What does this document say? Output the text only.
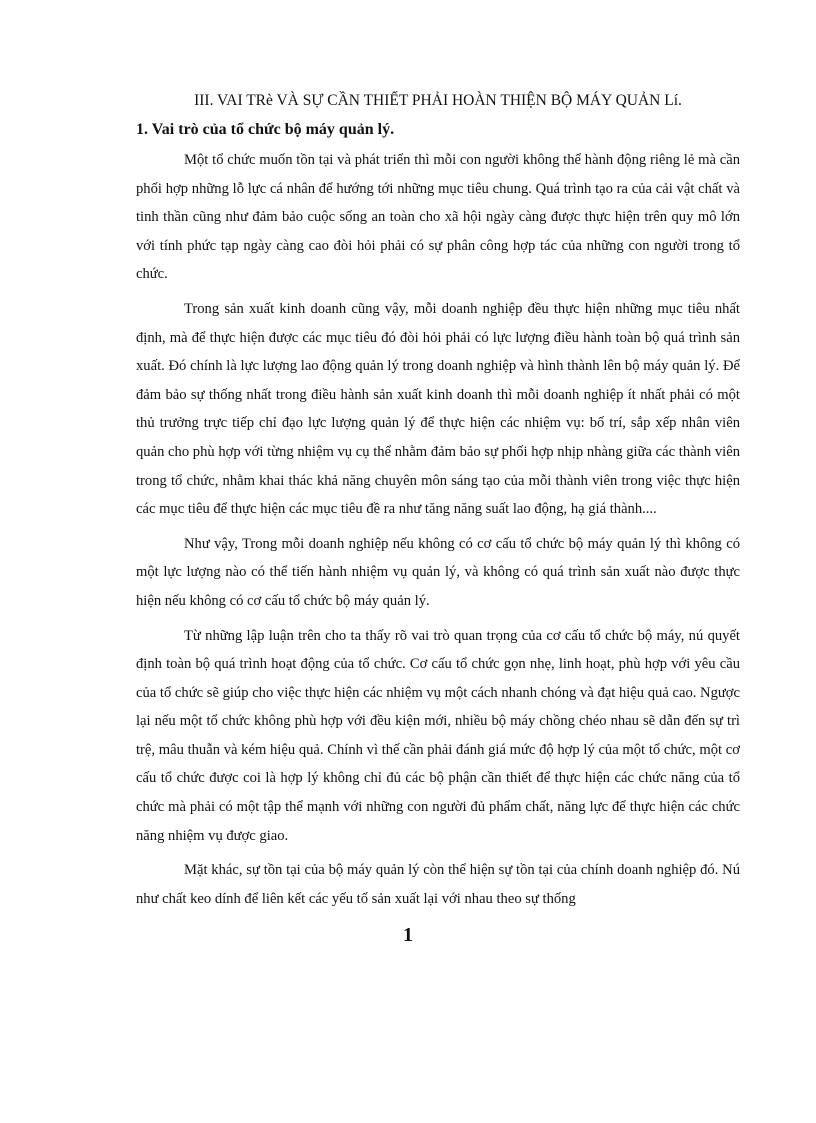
III. VAI TRè VÀ SỰ CẦN THIẾT PHẢI HOÀN THIỆN BỘ MÁY QUẢN Lí.
1. Vai trò của tổ chức bộ máy quản lý.

Một tổ chức muốn tồn tại và phát triển thì mỗi con người không thể hành động riêng lẻ mà cần phối hợp những lỗ lực cá nhân để hướng tới những mục tiêu chung. Quá trình tạo ra của cải vật chất và tinh thần cũng như đảm bảo cuộc sống an toàn cho xã hội ngày càng được thực hiện trên quy mô lớn với tính phức tạp ngày càng cao đòi hỏi phải có sự phân công hợp tác của những con người trong tổ chức.

Trong sản xuất kinh doanh cũng vậy, mỗi doanh nghiệp đều thực hiện những mục tiêu nhất định, mà để thực hiện được các mục tiêu đó đòi hỏi phải có lực lượng điều hành toàn bộ quá trình sản xuất. Đó chính là lực lượng lao động quản lý trong doanh nghiệp và hình thành lên bộ máy quản lý. Để đảm bảo sự thống nhất trong điều hành sản xuất kinh doanh thì mỗi doanh nghiệp ít nhất phải có một thủ trưởng trực tiếp chỉ đạo lực lượng quản lý để thực hiện các nhiệm vụ: bố trí, sắp xếp nhân viên quản cho phù hợp với từng nhiệm vụ cụ thể nhằm đảm bảo sự phối hợp nhịp nhàng giữa các thành viên trong tổ chức, nhằm khai thác khả năng chuyên môn sáng tạo của mỗi thành viên trong việc thực hiện các mục tiêu để thực hiện các mục tiêu đề ra như tăng năng suất lao động, hạ giá thành....

Như vậy, Trong mỗi doanh nghiệp nếu không có cơ cấu tổ chức bộ máy quản lý thì không có một lực lượng nào có thể tiến hành nhiệm vụ quản lý, và không có quá trình sản xuất nào được thực hiện nếu không có cơ cấu tổ chức bộ máy quản lý.

Từ những lập luận trên cho ta thấy rõ vai trò quan trọng của cơ cấu tổ chức bộ máy, nú quyết định toàn bộ quá trình hoạt động của tổ chức. Cơ cấu tổ chức gọn nhẹ, linh hoạt, phù hợp với yêu cầu của tổ chức sẽ giúp cho việc thực hiện các nhiệm vụ một cách nhanh chóng và đạt hiệu quả cao. Ngược lại nếu một tổ chức không phù hợp với đều kiện mới, nhiều bộ máy chồng chéo nhau sẽ dẫn đến sự trì trệ, mâu thuẫn và kém hiệu quả. Chính vì thế cần phải đánh giá mức độ hợp lý của một tổ chức, một cơ cấu tổ chức được coi là hợp lý không chỉ đủ các bộ phận cần thiết để thực hiện các chức năng của tổ chức mà phải có một tập thể mạnh với những con người đủ phẩm chất, năng lực để thực hiện các chức năng nhiệm vụ được giao.

Mặt khác, sự tồn tại của bộ máy quản lý còn thể hiện sự tồn tại của chính doanh nghiệp đó. Nú như chất keo dính để liên kết các yếu tố sản xuất lại với nhau theo sự thống

1
